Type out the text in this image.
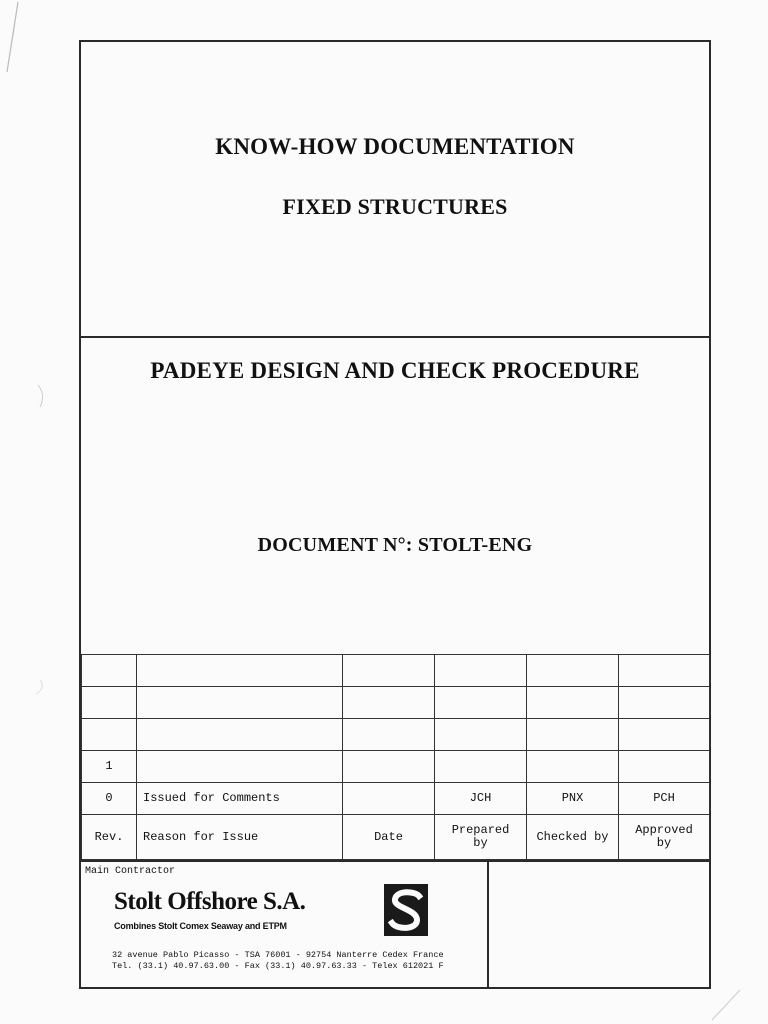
KNOW-HOW DOCUMENTATION
FIXED STRUCTURES
PADEYE DESIGN AND CHECK PROCEDURE
DOCUMENT N°: STOLT-ENG

1					
0	Issued for Comments		JCH	PNX	PCH
Rev.	Reason for Issue	Date	Prepared by	Checked by	Approved by
Main Contractor
Stolt Offshore S.A.
Combines Stolt Comex Seaway and ETPM
32 avenue Pablo Picasso - TSA 76001 - 92754 Nanterre Cedex France
Tel. (33.1) 40.97.63.00 - Fax (33.1) 40.97.63.33 - Telex 612021 F
